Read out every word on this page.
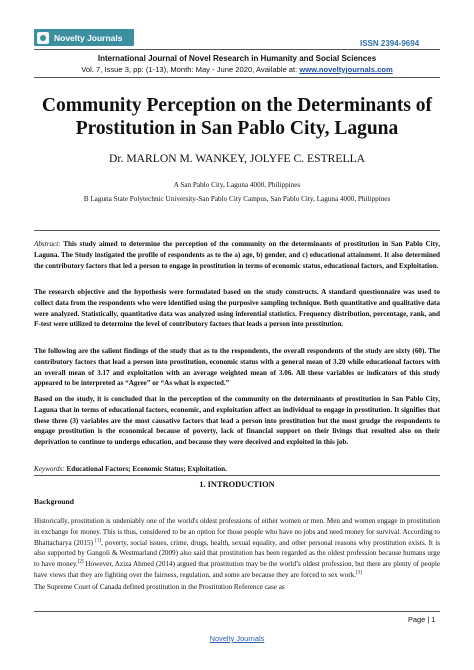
Novelty Journals
ISSN 2394-9694
International Journal of Novel Research in Humanity and Social Sciences
Vol. 7, Issue 3, pp: (1-13), Month: May - June 2020, Available at: www.noveltyjournals.com
Community Perception on the Determinants of
Prostitution in San Pablo City, Laguna
Dr. MARLON M. WANKEY, JOLYFE C. ESTRELLA
A San Pablo City, Laguna 4000, Philippines
B Laguna State Polytechnic University-San Pablo City Campus, San Pablo City, Laguna 4000, Philippines
Abstract: This study aimed to determine the perception of the community on the determinants of prostitution in San Pablo City, Laguna. The Study instigated the profile of respondents as to the a) age, b) gender, and c) educational attainment. It also determined the contributory factors that led a person to engage in prostitution in terms of economic status, educational factors, and Exploitation.
The research objective and the hypothesis were formulated based on the study constructs. A standard questionnaire was used to collect data from the respondents who were identified using the purposive sampling technique. Both quantitative and qualitative data were analyzed. Statistically, quantitative data was analyzed using inferential statistics. Frequency distribution, percentage, rank, and F-test were utilized to determine the level of contributory factors that leads a person into prostitution.
The following are the salient findings of the study that as to the respondents, the overall respondents of the study are sixty (60). The contributory factors that lead a person into prostitution, economic status with a general mean of 3.20 while educational factors with an overall mean of 3.17 and exploitation with an average weighted mean of 3.06. All these variables or indicators of this study appeared to be interpreted as “Agree” or “As what is expected.”
Based on the study, it is concluded that in the perception of the community on the determinants of prostitution in San Pablo City, Laguna that in terms of educational factors, economic, and exploitation affect an individual to engage in prostitution. It signifies that these three (3) variables are the most causative factors that lead a person into prostitution but the most grudge the respondents to engage prostitution is the economical because of poverty, lack of financial support on their livings that resulted also on their deprivation to continue to undergo education, and because they were deceived and exploited in this job.
Keywords: Educational Factors; Economic Status; Exploitation.
1. INTRODUCTION
Background
Historically, prostitution is undeniably one of the world's oldest professions of either women or men. Men and women engage in prostitution in exchange for money. This is thus, considered to be an option for those people who have no jobs and need money for survival. According to Bhattacharya (2015) [1], poverty, social issues, crime, drugs, health, sexual equality, and other personal reasons why prostitution exists. It is also supported by Gangoli & Westmarland (2009) also said that prostitution has been regarded as the oldest profession because humans urge to have money.[2] However, Aziza Ahmed (2014) argued that prostitution may be the world’s oldest profession, but there are plenty of people have views that they are fighting over the fairness, regulation, and some are because they are forced to sex work.[3]
The Supreme Court of Canada defined prostitution in the Prostitution Reference case as
Page | 1
Novelty Journals
